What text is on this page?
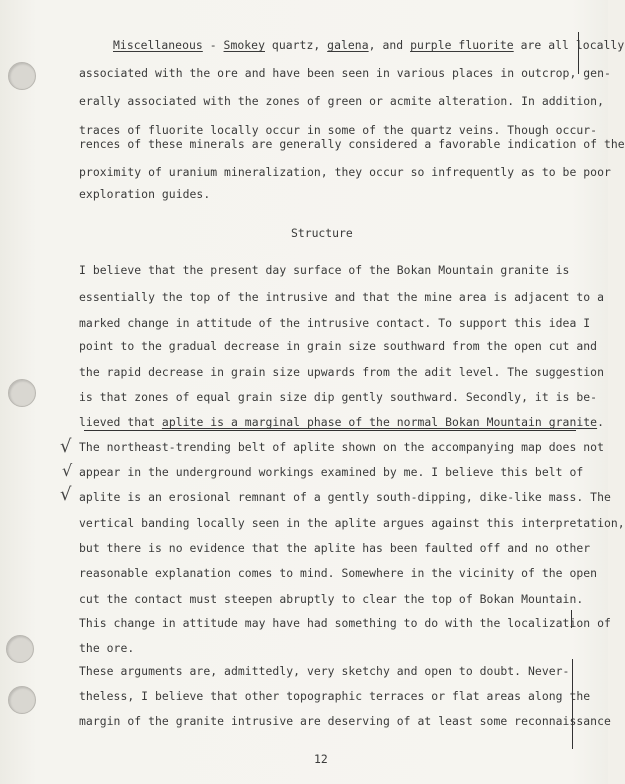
Miscellaneous - Smokey quartz, galena, and purple fluorite are all locally
associated with the ore and have been seen in various places in outcrop, gen-
erally associated with the zones of green or acmite alteration. In addition,
traces of fluorite locally occur in some of the quartz veins. Though occur-
rences of these minerals are generally considered a favorable indication of the
proximity of uranium mineralization, they occur so infrequently as to be poor
exploration guides.
Structure
I believe that the present day surface of the Bokan Mountain granite is
essentially the top of the intrusive and that the mine area is adjacent to a
marked change in attitude of the intrusive contact. To support this idea I
point to the gradual decrease in grain size southward from the open cut and
the rapid decrease in grain size upwards from the adit level. The suggestion
is that zones of equal grain size dip gently southward. Secondly, it is be-
lieved that aplite is a marginal phase of the normal Bokan Mountain granite.
The northeast-trending belt of aplite shown on the accompanying map does not
appear in the underground workings examined by me. I believe this belt of
aplite is an erosional remnant of a gently south-dipping, dike-like mass. The
vertical banding locally seen in the aplite argues against this interpretation,
but there is no evidence that the aplite has been faulted off and no other
reasonable explanation comes to mind. Somewhere in the vicinity of the open
cut the contact must steepen abruptly to clear the top of Bokan Mountain.
This change in attitude may have had something to do with the localization of
the ore.
√
√
√
These arguments are, admittedly, very sketchy and open to doubt. Never-
theless, I believe that other topographic terraces or flat areas along the
margin of the granite intrusive are deserving of at least some reconnaissance
12
